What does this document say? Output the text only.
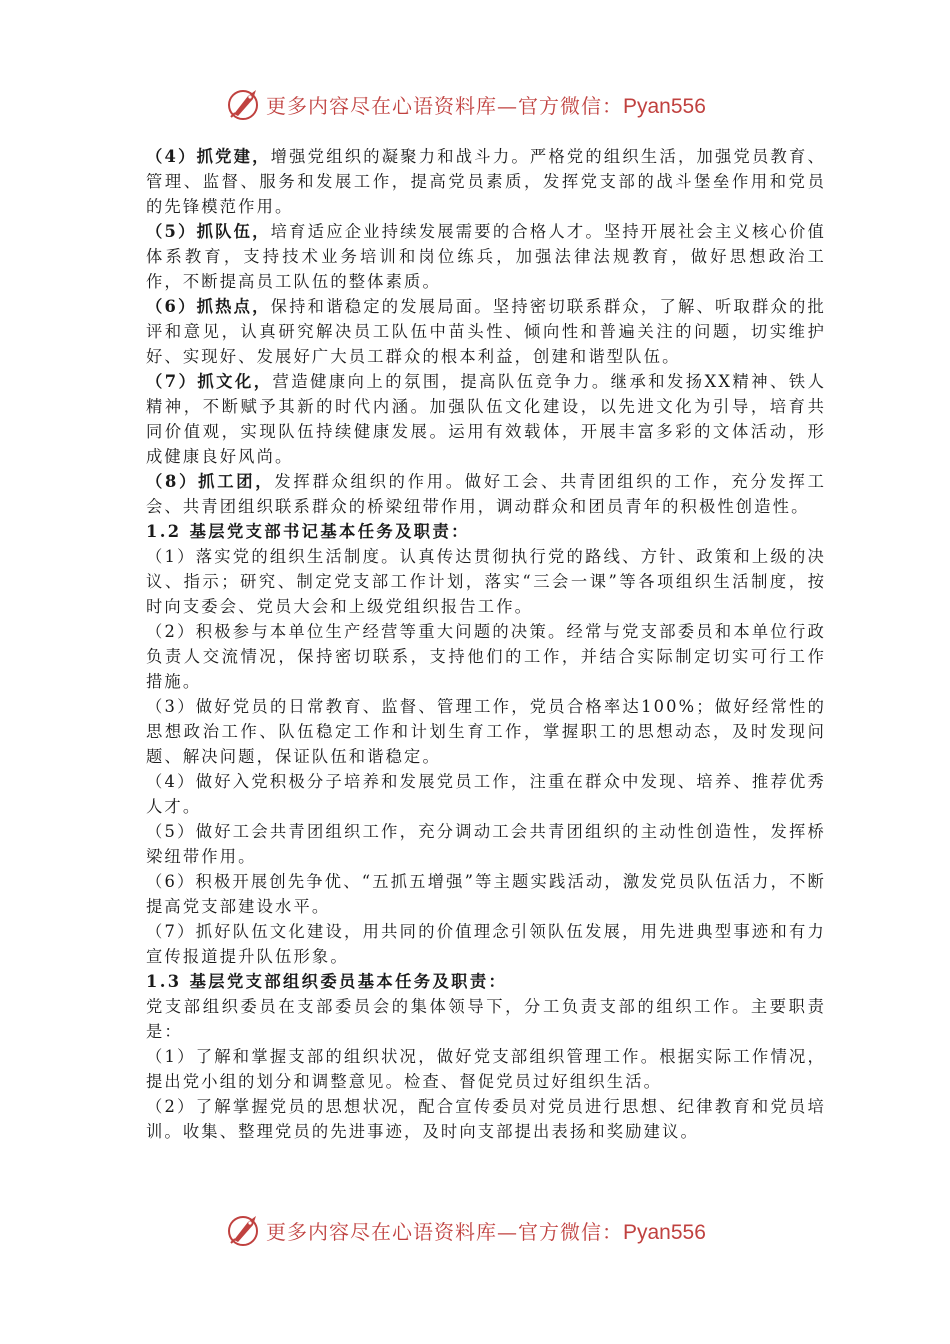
更多内容尽在心语资料库—官方微信：Pyan556

（4）抓党建，增强党组织的凝聚力和战斗力。严格党的组织生活，加强党员教育、管理、监督、服务和发展工作，提高党员素质，发挥党支部的战斗堡垒作用和党员的先锋模范作用。

（5）抓队伍，培育适应企业持续发展需要的合格人才。坚持开展社会主义核心价值体系教育，支持技术业务培训和岗位练兵，加强法律法规教育，做好思想政治工作，不断提高员工队伍的整体素质。

（6）抓热点，保持和谐稳定的发展局面。坚持密切联系群众，了解、听取群众的批评和意见，认真研究解决员工队伍中苗头性、倾向性和普遍关注的问题，切实维护好、实现好、发展好广大员工群众的根本利益，创建和谐型队伍。

（7）抓文化，营造健康向上的氛围，提高队伍竞争力。继承和发扬XX精神、铁人精神，不断赋予其新的时代内涵。加强队伍文化建设，以先进文化为引导，培育共同价值观，实现队伍持续健康发展。运用有效载体，开展丰富多彩的文体活动，形成健康良好风尚。

（8）抓工团，发挥群众组织的作用。做好工会、共青团组织的工作，充分发挥工会、共青团组织联系群众的桥梁纽带作用，调动群众和团员青年的积极性创造性。

1.2 基层党支部书记基本任务及职责：

（1）落实党的组织生活制度。认真传达贯彻执行党的路线、方针、政策和上级的决议、指示；研究、制定党支部工作计划，落实“三会一课”等各项组织生活制度，按时向支委会、党员大会和上级党组织报告工作。

（2）积极参与本单位生产经营等重大问题的决策。经常与党支部委员和本单位行政负责人交流情况，保持密切联系，支持他们的工作，并结合实际制定切实可行工作措施。

（3）做好党员的日常教育、监督、管理工作，党员合格率达100%；做好经常性的思想政治工作、队伍稳定工作和计划生育工作，掌握职工的思想动态，及时发现问题、解决问题，保证队伍和谐稳定。

（4）做好入党积极分子培养和发展党员工作，注重在群众中发现、培养、推荐优秀人才。

（5）做好工会共青团组织工作，充分调动工会共青团组织的主动性创造性，发挥桥梁纽带作用。

（6）积极开展创先争优、“五抓五增强”等主题实践活动，激发党员队伍活力，不断提高党支部建设水平。

（7）抓好队伍文化建设，用共同的价值理念引领队伍发展，用先进典型事迹和有力宣传报道提升队伍形象。

1.3 基层党支部组织委员基本任务及职责：

党支部组织委员在支部委员会的集体领导下，分工负责支部的组织工作。主要职责是：

（1）了解和掌握支部的组织状况，做好党支部组织管理工作。根据实际工作情况，提出党小组的划分和调整意见。检查、督促党员过好组织生活。

（2）了解掌握党员的思想状况，配合宣传委员对党员进行思想、纪律教育和党员培训。收集、整理党员的先进事迹，及时向支部提出表扬和奖励建议。

更多内容尽在心语资料库—官方微信：Pyan556
